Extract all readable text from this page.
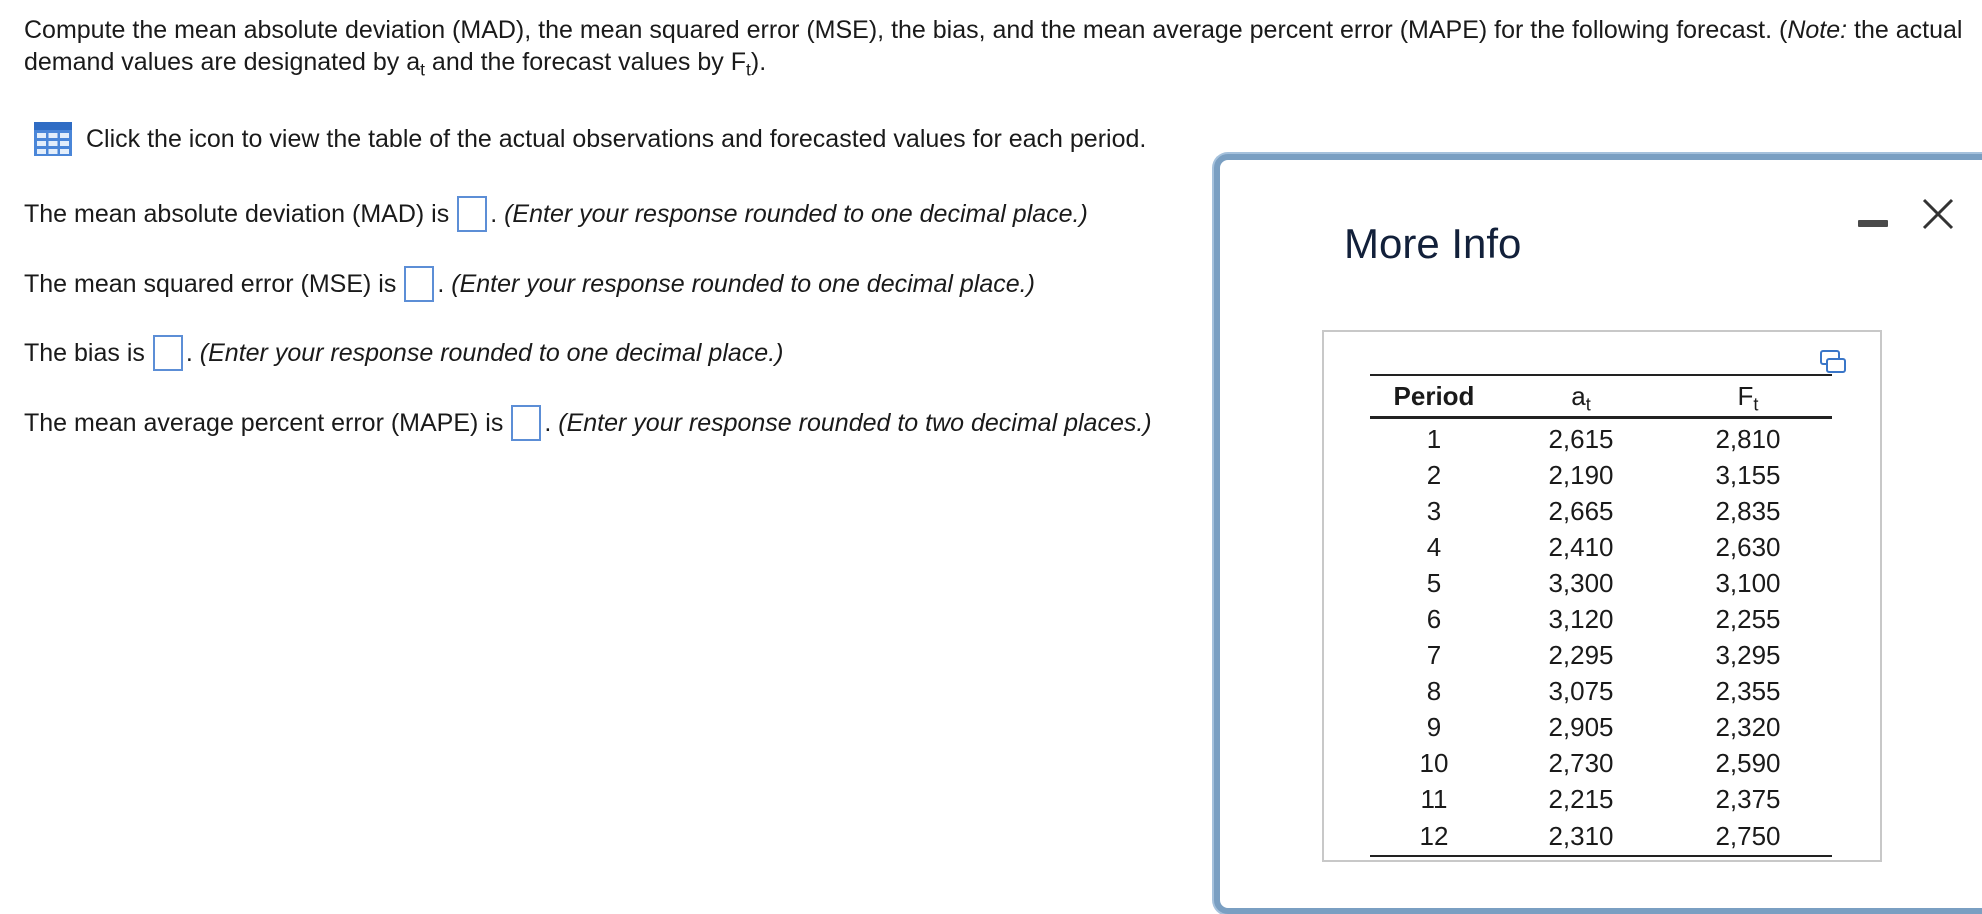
Compute the mean absolute deviation (MAD), the mean squared error (MSE), the bias, and the mean average percent error (MAPE) for the following forecast. (Note: the actual demand values are designated by $a_t$ and the forecast values by $F_t$).
Click the icon to view the table of the actual observations and forecasted values for each period.
The mean absolute deviation (MAD) is .
(Enter your response rounded to one decimal place.)
The mean squared error (MSE) is .
(Enter your response rounded to one decimal place.)
The bias is .
(Enter your response rounded to one decimal place.)
The mean average percent error (MAPE) is .
(Enter your response rounded to two decimal places.)
More Info
Period	$a_t$	$F_t$
1	2,615	2,810
2	2,190	3,155
3	2,665	2,835
4	2,410	2,630
5	3,300	3,100
6	3,120	2,255
7	2,295	3,295
8	3,075	2,355
9	2,905	2,320
10	2,730	2,590
11	2,215	2,375
12	2,310	2,750
